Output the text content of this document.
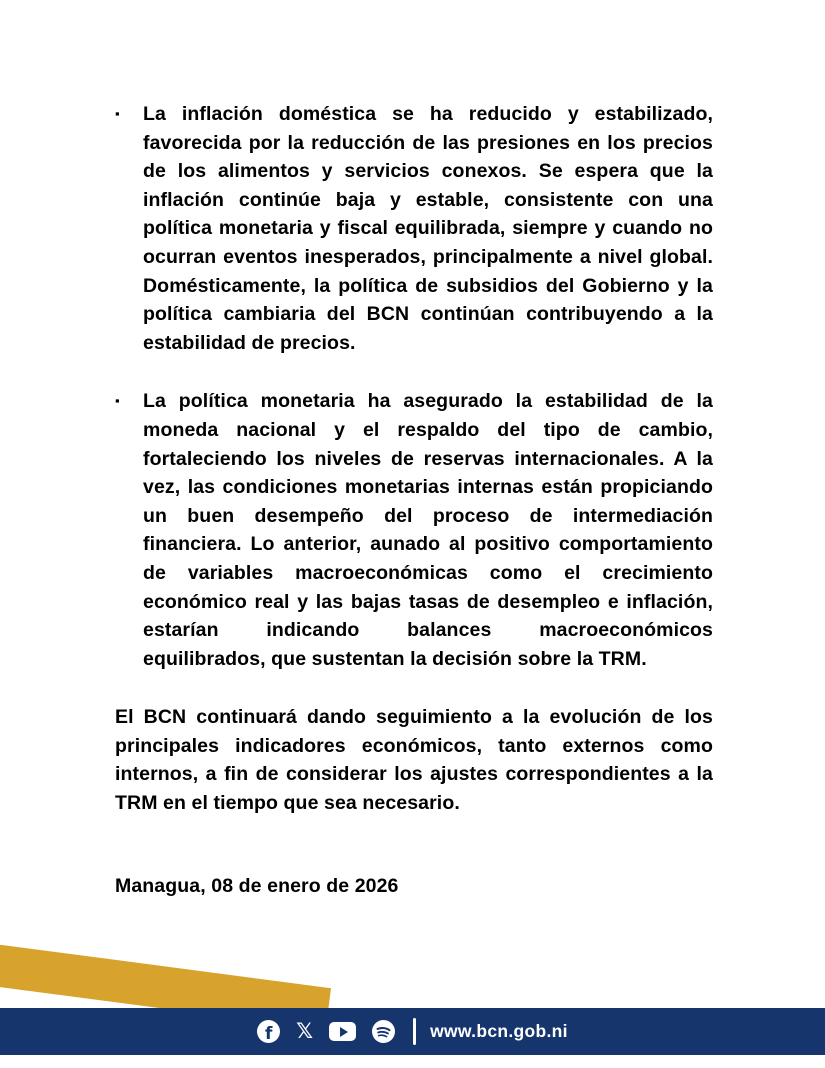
▪	La inflación doméstica se ha reducido y estabilizado, favorecida por la reducción de las presiones en los precios de los alimentos y servicios conexos. Se espera que la inflación continúe baja y estable, consistente con una política monetaria y fiscal equilibrada, siempre y cuando no ocurran eventos inesperados, principalmente a nivel global. Domésticamente, la política de subsidios del Gobierno y la política cambiaria del BCN continúan contribuyendo a la estabilidad de precios.

▪	La política monetaria ha asegurado la estabilidad de la moneda nacional y el respaldo del tipo de cambio, fortaleciendo los niveles de reservas internacionales. A la vez, las condiciones monetarias internas están propiciando un buen desempeño del proceso de intermediación financiera. Lo anterior, aunado al positivo comportamiento de variables macroeconómicas como el crecimiento económico real y las bajas tasas de desempleo e inflación, estarían indicando balances macroeconómicos equilibrados, que sustentan la decisión sobre la TRM.

El BCN continuará dando seguimiento a la evolución de los principales indicadores económicos, tanto externos como internos, a fin de considerar los ajustes correspondientes a la TRM en el tiempo que sea necesario.

Managua, 08 de enero de 2026

f 𝕏	www.bcn.gob.ni
